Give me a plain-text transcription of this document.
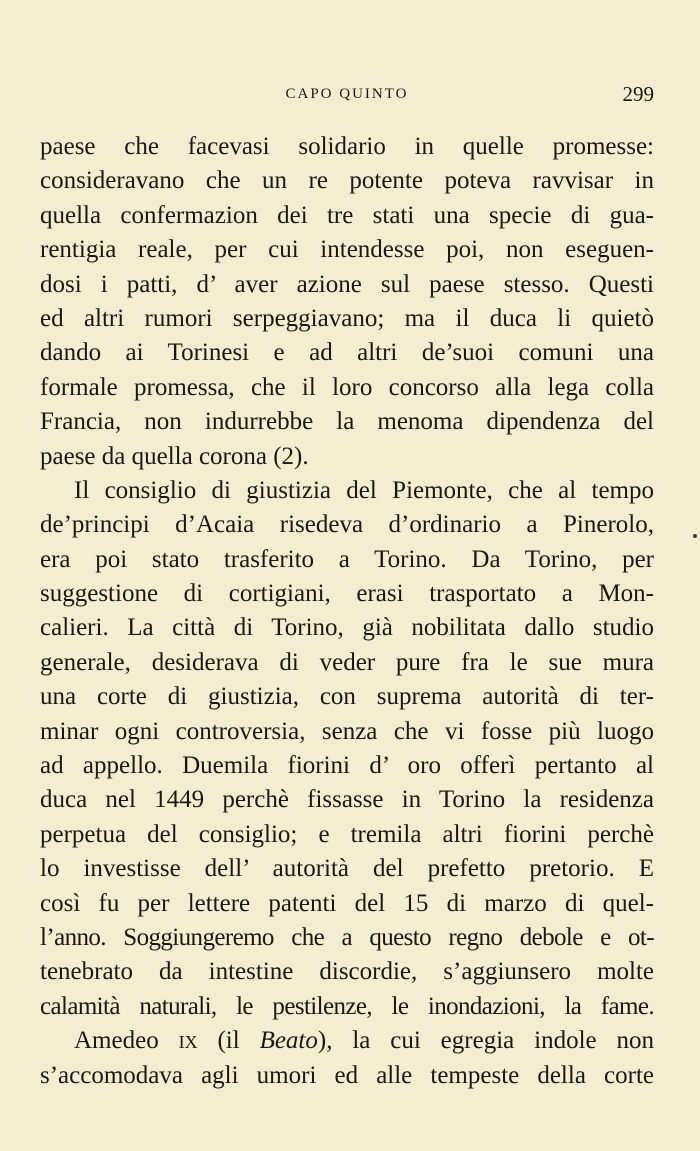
CAPO QUINTO	299
paese che facevasi solidario in quelle promesse:
consideravano che un re potente poteva ravvisar in
quella confermazion dei tre stati una specie di gua-
rentigia reale, per cui intendesse poi, non eseguen-
dosi i patti, d’ aver azione sul paese stesso. Questi
ed altri rumori serpeggiavano; ma il duca li quietò
dando ai Torinesi e ad altri de’suoi comuni una
formale promessa, che il loro concorso alla lega colla
Francia, non indurrebbe la menoma dipendenza del
paese da quella corona (2).
Il consiglio di giustizia del Piemonte, che al tempo
de’principi d’Acaia risedeva d’ordinario a Pinerolo,
era poi stato trasferito a Torino. Da Torino, per
suggestione di cortigiani, erasi trasportato a Mon-
calieri. La città di Torino, già nobilitata dallo studio
generale, desiderava di veder pure fra le sue mura
una corte di giustizia, con suprema autorità di ter-
minar ogni controversia, senza che vi fosse più luogo
ad appello. Duemila fiorini d’ oro offerì pertanto al
duca nel 1449 perchè fissasse in Torino la residenza
perpetua del consiglio; e tremila altri fiorini perchè
lo investisse dell’ autorità del prefetto pretorio. E
così fu per lettere patenti del 15 di marzo di quel-
l’anno. Soggiungeremo che a questo regno debole e ot-
tenebrato da intestine discordie, s’aggiunsero molte
calamità naturali, le pestilenze, le inondazioni, la fame.
Amedeo ix (il Beato), la cui egregia indole non
s’accomodava agli umori ed alle tempeste della corte
